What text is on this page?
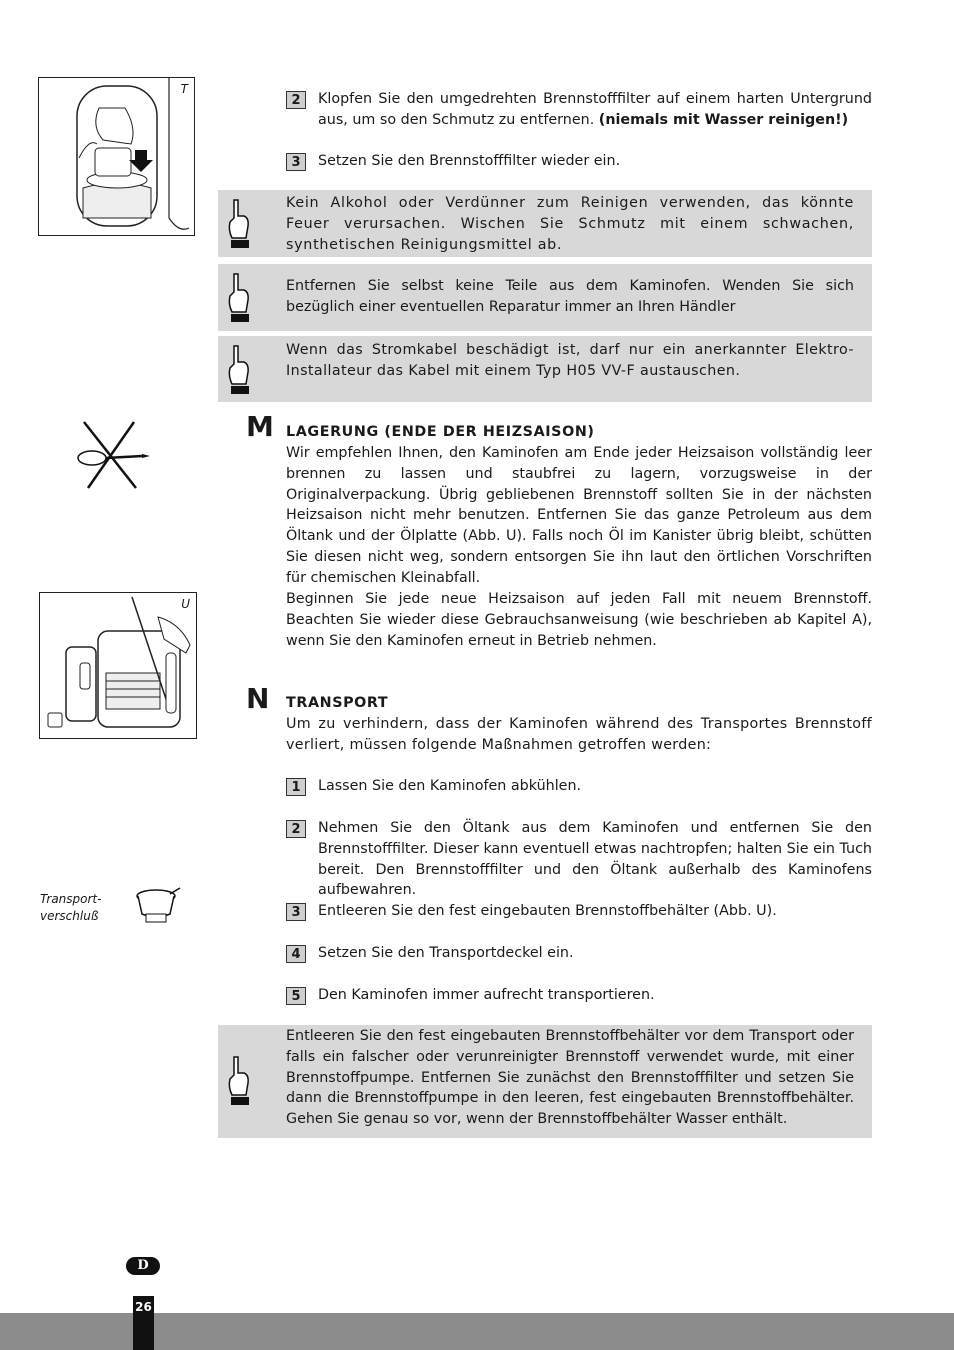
T
2	Klopfen Sie den umgedrehten Brennstofffilter auf einem harten Untergrund aus, um so den Schmutz zu entfernen. (niemals mit Wasser reinigen!)

3	Setzen Sie den Brennstofffilter wieder ein.

Kein Alkohol oder Verdünner zum Reinigen verwenden, das könnte Feuer verursachen. Wischen Sie Schmutz mit einem schwachen, synthetischen Reinigungsmittel ab.

Entfernen Sie selbst keine Teile aus dem Kaminofen. Wenden Sie sich bezüglich einer eventuellen Reparatur immer an Ihren Händler

Wenn das Stromkabel beschädigt ist, darf nur ein anerkannter Elektro-Installateur das Kabel mit einem Typ H05 VV-F austauschen.

M LAGERUNG (ENDE DER HEIZSAISON)

Wir empfehlen Ihnen, den Kaminofen am Ende jeder Heizsaison vollständig leer brennen zu lassen und staubfrei zu lagern, vorzugsweise in der Originalverpackung. Übrig gebliebenen Brennstoff sollten Sie in der nächsten Heizsaison nicht mehr benutzen. Entfernen Sie das ganze Petroleum aus dem Öltank und der Ölplatte (Abb. U). Falls noch Öl im Kanister übrig bleibt, schütten Sie diesen nicht weg, sondern entsorgen Sie ihn laut den örtlichen Vorschriften für chemischen Kleinabfall.

Beginnen Sie jede neue Heizsaison auf jeden Fall mit neuem Brennstoff. Beachten Sie wieder diese Gebrauchsanweisung (wie beschrieben ab Kapitel A), wenn Sie den Kaminofen erneut in Betrieb nehmen.

U
N TRANSPORT

Um zu verhindern, dass der Kaminofen während des Transportes Brennstoff verliert, müssen folgende Maßnahmen getroffen werden:

1	Lassen Sie den Kaminofen abkühlen.

2	Nehmen Sie den Öltank aus dem Kaminofen und entfernen Sie den Brennstofffilter. Dieser kann eventuell etwas nachtropfen; halten Sie ein Tuch bereit. Den Brennstofffilter und den Öltank außerhalb des Kaminofens aufbewahren.

3	Entleeren Sie den fest eingebauten Brennstoffbehälter (Abb. U).

4	Setzen Sie den Transportdeckel ein.

5	Den Kaminofen immer aufrecht transportieren.

Transport-
verschluß

Entleeren Sie den fest eingebauten Brennstoffbehälter vor dem Transport oder falls ein falscher oder verunreinigter Brennstoff verwendet wurde, mit einer Brennstoffpumpe. Entfernen Sie zunächst den Brennstofffilter und setzen Sie dann die Brennstoffpumpe in den leeren, fest eingebauten Brennstoffbehälter. Gehen Sie genau so vor, wenn der Brennstoffbehälter Wasser enthält.

D
26
